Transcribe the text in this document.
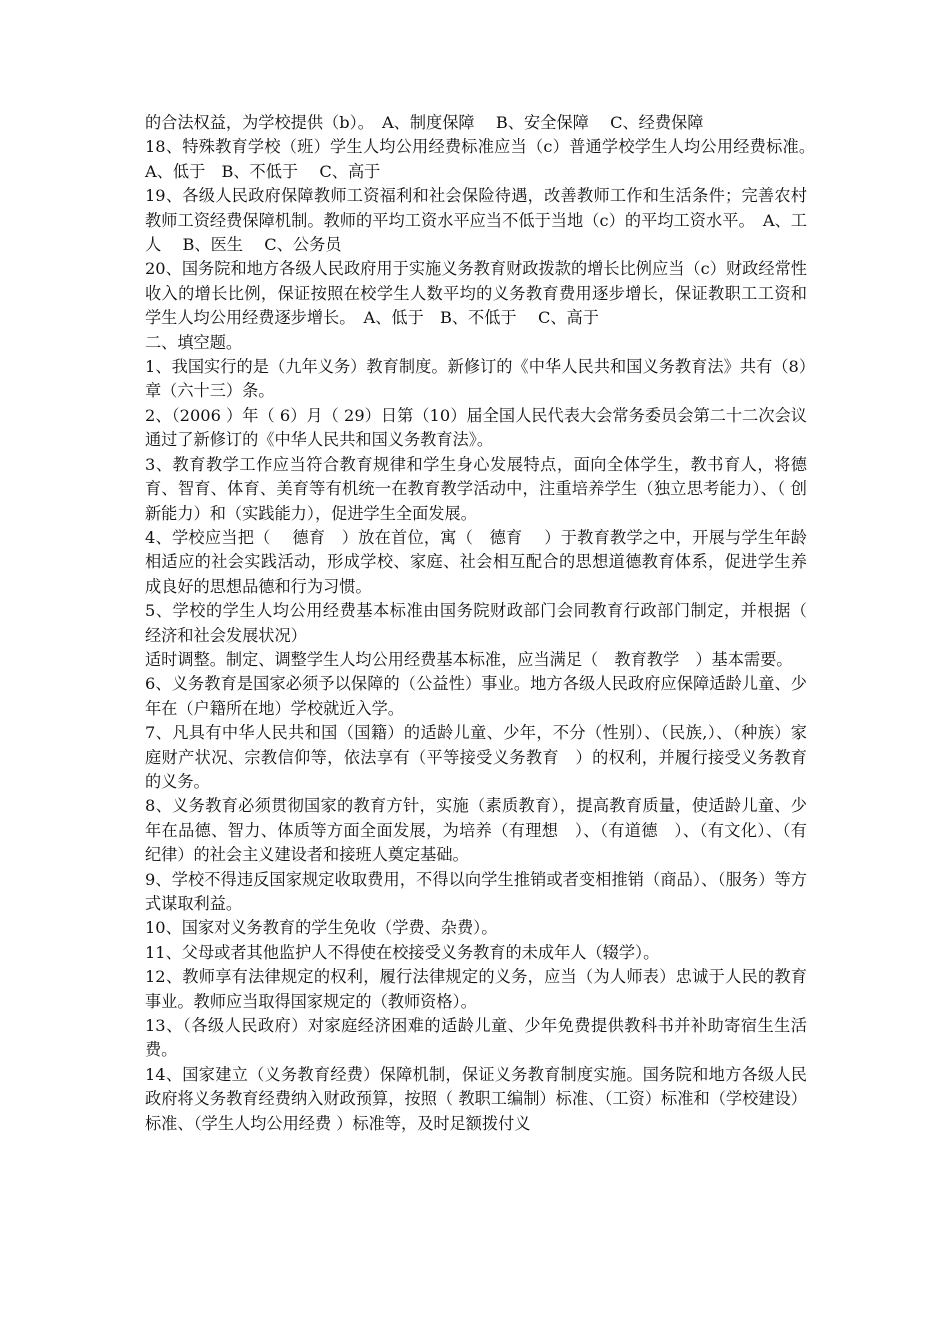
的合法权益，为学校提供（b）。　A、制度保障　 B、安全保障　 C、经费保障

18、特殊教育学校（班）学生人均公用经费标准应当（c）普通学校学生人均公用经费标准。　A、低于　B、不低于　 C、高于

19、各级人民政府保障教师工资福利和社会保险待遇，改善教师工作和生活条件；完善农村教师工资经费保障机制。教师的平均工资水平应当不低于当地（c）的平均工资水平。　A、工人　 B、医生　 C、公务员

20、国务院和地方各级人民政府用于实施义务教育财政拨款的增长比例应当（c）财政经常性收入的增长比例，保证按照在校学生人数平均的义务教育费用逐步增长，保证教职工工资和学生人均公用经费逐步增长。　A、低于　B、不低于　 C、高于

二、填空题。

1、我国实行的是（九年义务）教育制度。新修订的《中华人民共和国义务教育法》共有（8）章（六十三）条。

2、（2006 ）年（ 6）月（ 29）日第（10）届全国人民代表大会常务委员会第二十二次会议通过了新修订的《中华人民共和国义务教育法》。

3、教育教学工作应当符合教育规律和学生身心发展特点，面向全体学生，教书育人，将德育、智育、体育、美育等有机统一在教育教学活动中，注重培养学生（独立思考能力）、（ 创新能力）和（实践能力），促进学生全面发展。

4、学校应当把（　 德育　）放在首位，寓（　德育　 ）于教育教学之中，开展与学生年龄相适应的社会实践活动，形成学校、家庭、社会相互配合的思想道德教育体系，促进学生养成良好的思想品德和行为习惯。

5、学校的学生人均公用经费基本标准由国务院财政部门会同教育行政部门制定，并根据（ 经济和社会发展状况）

适时调整。制定、调整学生人均公用经费基本标准，应当满足（　教育教学　）基本需要。

6、义务教育是国家必须予以保障的（公益性）事业。地方各级人民政府应保障适龄儿童、少年在（户籍所在地）学校就近入学。

7、凡具有中华人民共和国（国籍）的适龄儿童、少年，不分（性别）、（民族,）、（种族）家庭财产状况、宗教信仰等，依法享有（平等接受义务教育　）的权利，并履行接受义务教育的义务。

8、义务教育必须贯彻国家的教育方针，实施（素质教育），提高教育质量，使适龄儿童、少年在品德、智力、体质等方面全面发展，为培养（有理想　）、（有道德　）、（有文化）、（有纪律）的社会主义建设者和接班人奠定基础。

9、学校不得违反国家规定收取费用，不得以向学生推销或者变相推销（商品）、（服务）等方式谋取利益。

10、国家对义务教育的学生免收（学费、杂费）。

11、父母或者其他监护人不得使在校接受义务教育的未成年人（辍学）。

12、教师享有法律规定的权利，履行法律规定的义务，应当（为人师表）忠诚于人民的教育事业。教师应当取得国家规定的（教师资格）。

13、（各级人民政府）对家庭经济困难的适龄儿童、少年免费提供教科书并补助寄宿生生活费。

14、国家建立（义务教育经费）保障机制，保证义务教育制度实施。国务院和地方各级人民政府将义务教育经费纳入财政预算，按照（ 教职工编制）标准、（工资）标准和（学校建设）标准、（学生人均公用经费 ）标准等，及时足额拨付义
